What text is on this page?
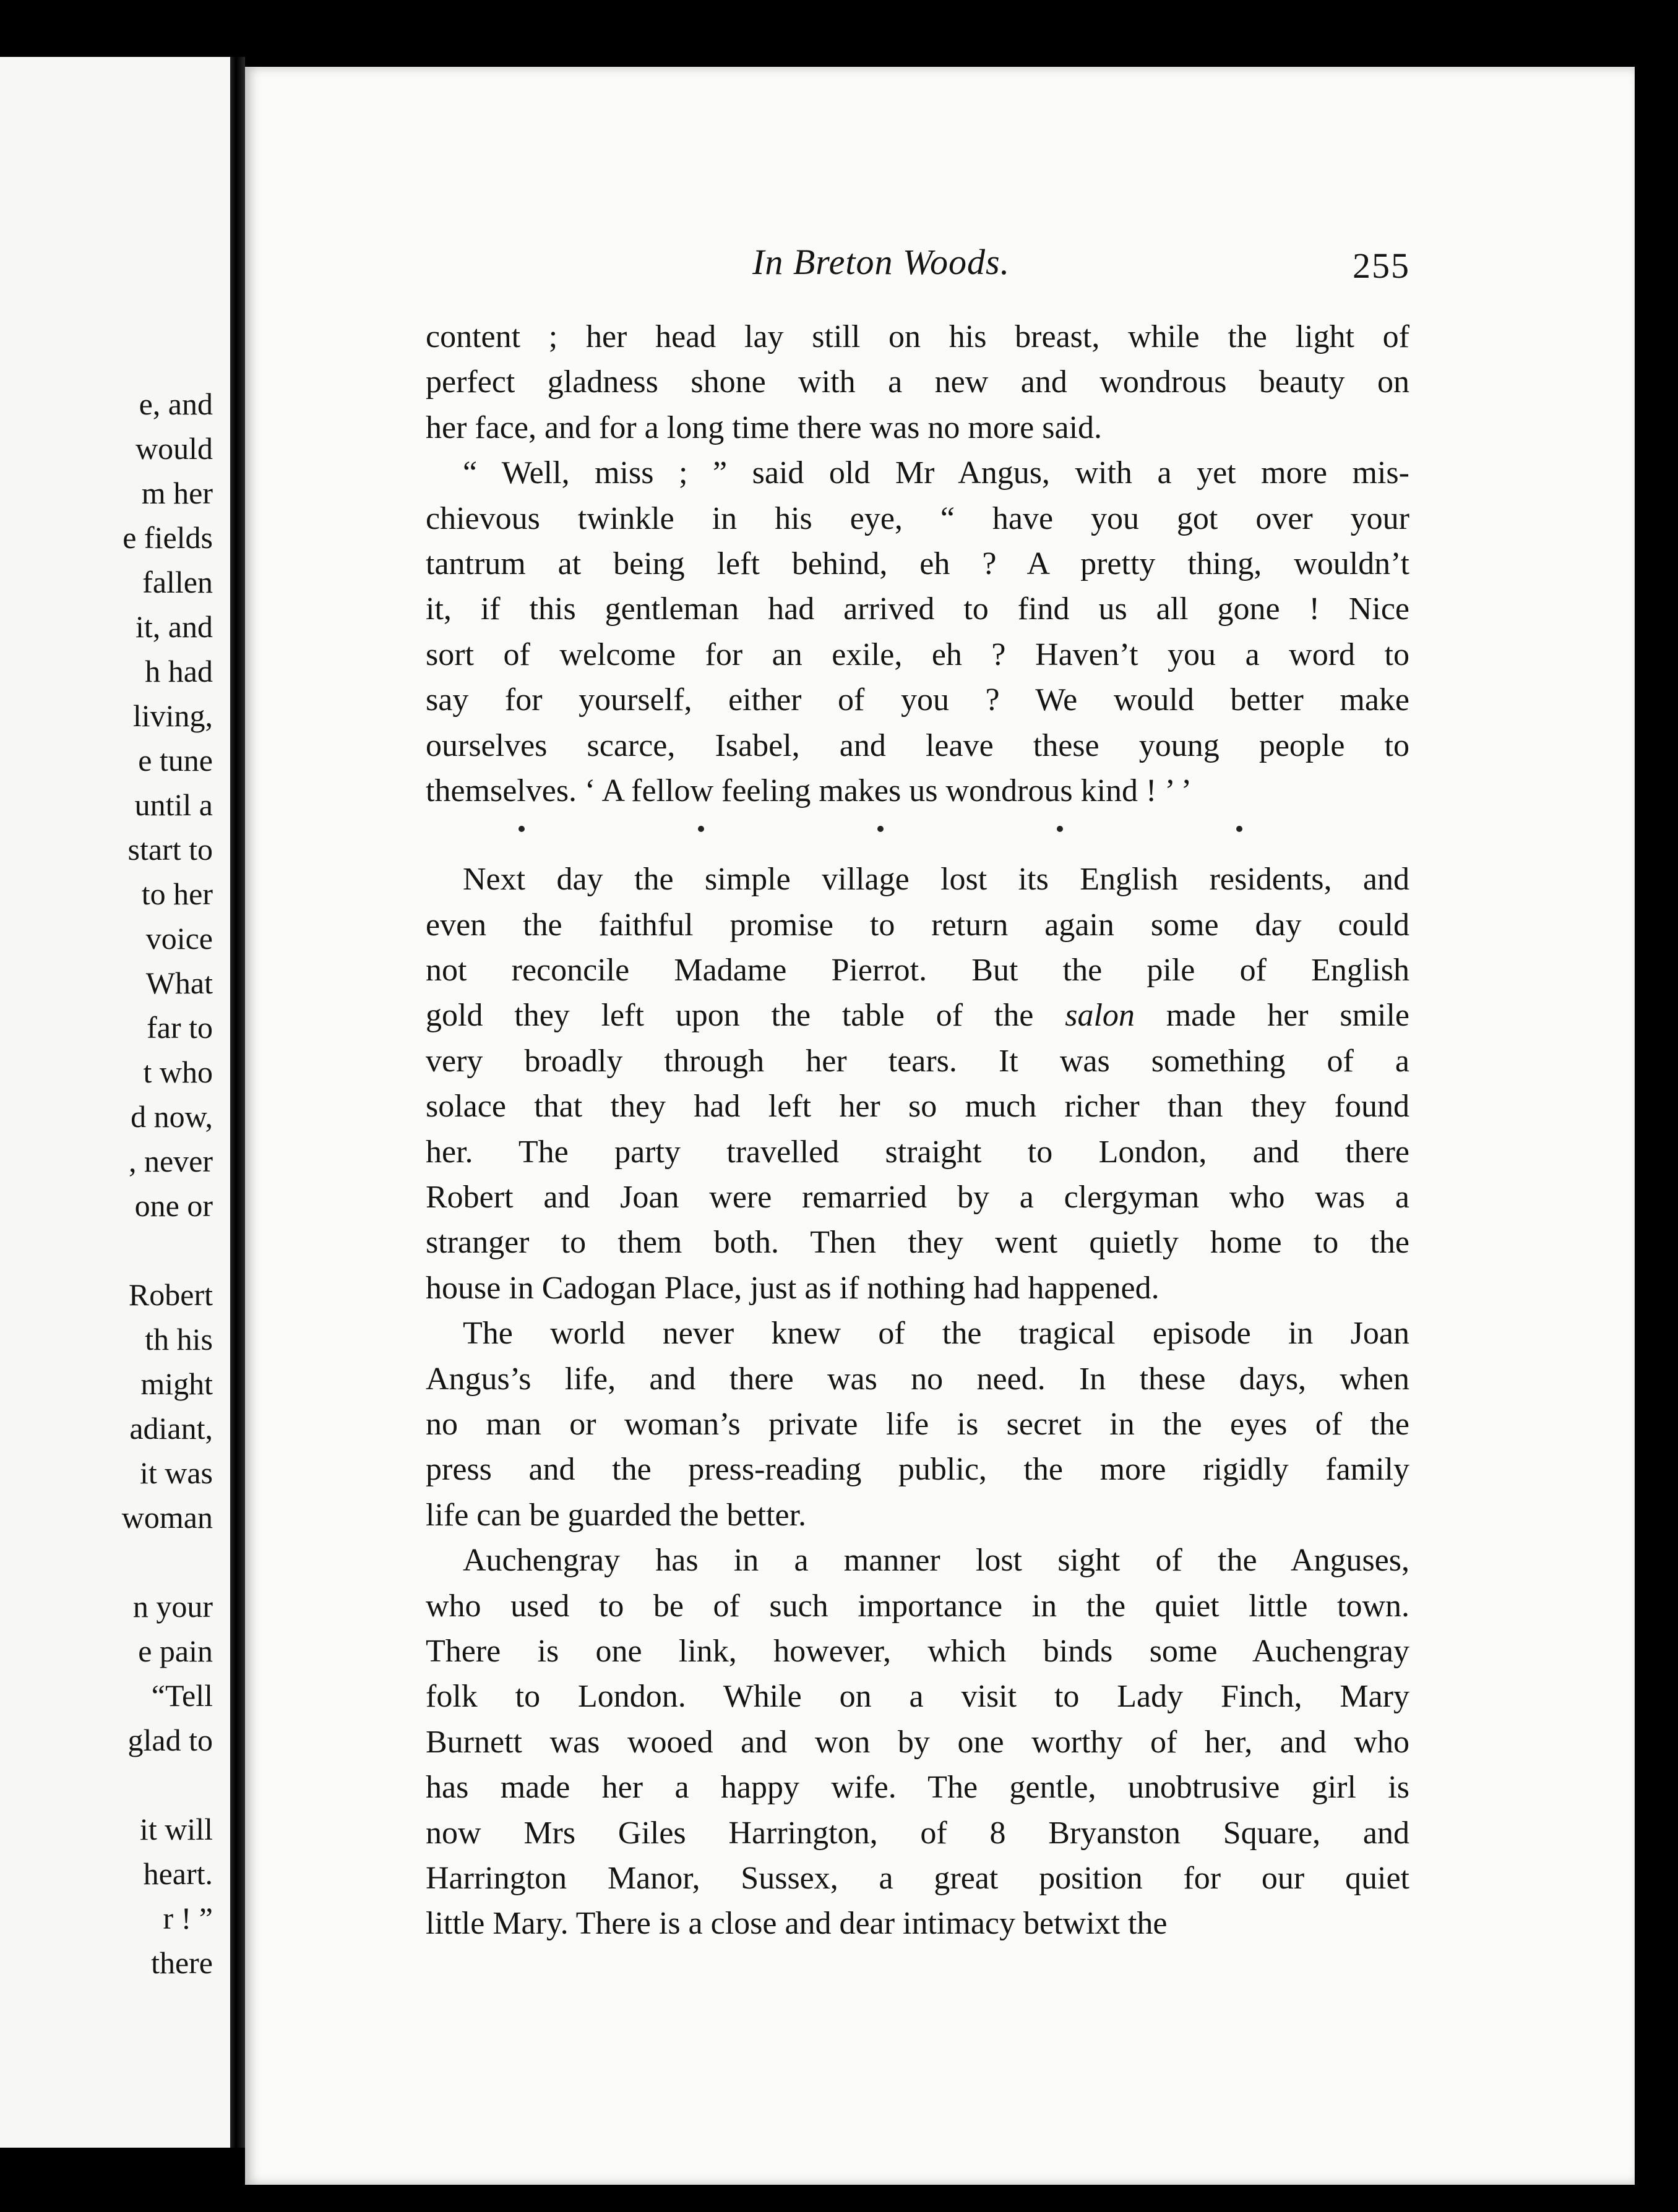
e, and
would
m her
e fields
fallen
it, and
h had
living,
e tune
until a
start to
to her
voice
What
far to
t who
d now,
, never
one or
Robert
th his
might
adiant,
it was
woman
n your
e pain
“Tell
glad to
it will
heart.
r ! ”
there
In Breton Woods.	255
content ; her head lay still on his breast, while the light of
perfect gladness shone with a new and wondrous beauty on
her face, and for a long time there was no more said.
“ Well, miss ; ” said old Mr Angus, with a yet more mis-
chievous twinkle in his eye, “ have you got over your
tantrum at being left behind, eh ? A pretty thing, wouldn’t
it, if this gentleman had arrived to find us all gone ! Nice
sort of welcome for an exile, eh ? Haven’t you a word to
say for yourself, either of you ? We would better make
ourselves scarce, Isabel, and leave these young people to
themselves. ‘ A fellow feeling makes us wondrous kind ! ’ ’
Next day the simple village lost its English residents, and
even the faithful promise to return again some day could
not reconcile Madame Pierrot. But the pile of English
gold they left upon the table of the salon made her smile
very broadly through her tears. It was something of a
solace that they had left her so much richer than they found
her. The party travelled straight to London, and there
Robert and Joan were remarried by a clergyman who was a
stranger to them both. Then they went quietly home to the
house in Cadogan Place, just as if nothing had happened.
The world never knew of the tragical episode in Joan
Angus’s life, and there was no need. In these days, when
no man or woman’s private life is secret in the eyes of the
press and the press-reading public, the more rigidly family
life can be guarded the better.
Auchengray has in a manner lost sight of the Anguses,
who used to be of such importance in the quiet little town.
There is one link, however, which binds some Auchengray
folk to London. While on a visit to Lady Finch, Mary
Burnett was wooed and won by one worthy of her, and who
has made her a happy wife. The gentle, unobtrusive girl is
now Mrs Giles Harrington, of 8 Bryanston Square, and
Harrington Manor, Sussex, a great position for our quiet
little Mary. There is a close and dear intimacy betwixt the
